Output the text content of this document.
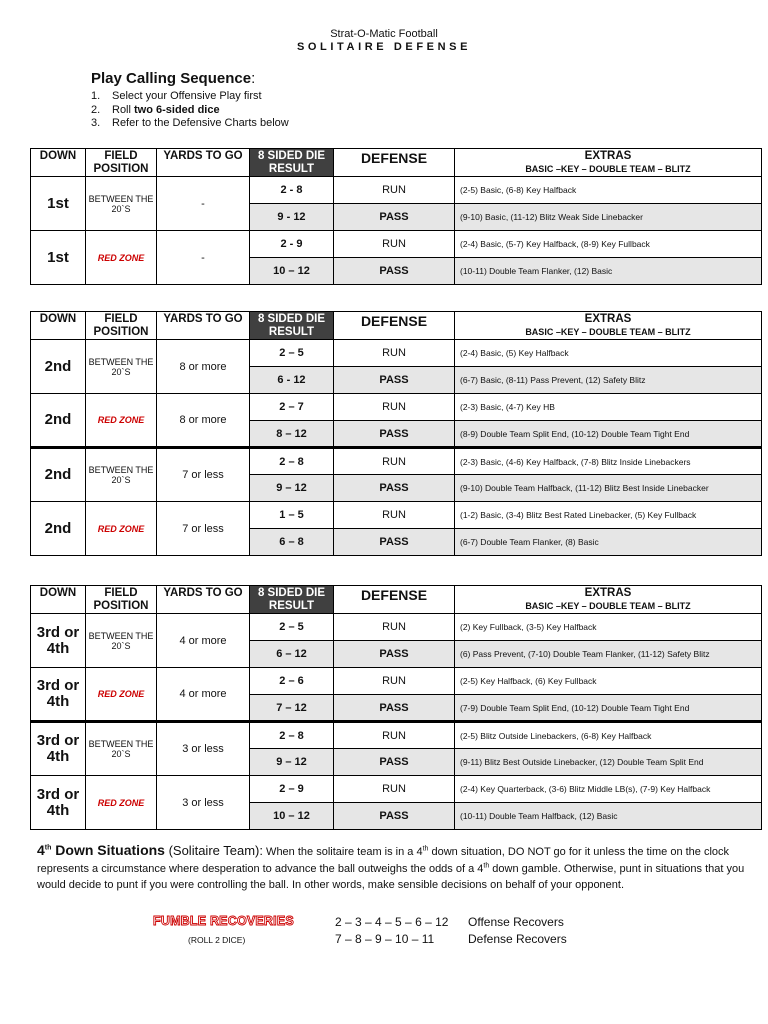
Strat-O-Matic Football
SOLITAIRE DEFENSE
Play Calling Sequence:
1.	Select your Offensive Play first
2.	Roll two 6-sided dice
3.	Refer to the Defensive Charts below
DOWN	FIELD POSITION	YARDS TO GO	8 SIDED DIE RESULT	DEFENSE	EXTRAS
BASIC –KEY – DOUBLE TEAM – BLITZ

1st	BETWEEN THE 20`S	-	2 - 8	RUN	(2-5) Basic, (6-8) Key Halfback
			9 - 12	PASS	(9-10) Basic, (11-12) Blitz Weak Side Linebacker
1st	RED ZONE	-	2 - 9	RUN	(2-4) Basic, (5-7) Key Halfback, (8-9) Key Fullback
			10 – 12	PASS	(10-11) Double Team Flanker, (12) Basic
DOWN	FIELD POSITION	YARDS TO GO	8 SIDED DIE RESULT	DEFENSE	EXTRAS
BASIC –KEY – DOUBLE TEAM – BLITZ

2nd	BETWEEN THE 20`S	8 or more	2 – 5	RUN	(2-4) Basic, (5) Key Halfback
			6 - 12	PASS	(6-7) Basic, (8-11) Pass Prevent, (12) Safety Blitz
2nd	RED ZONE	8 or more	2 – 7	RUN	(2-3) Basic, (4-7) Key HB
			8 – 12	PASS	(8-9) Double Team Split End, (10-12) Double Team Tight End
2nd	BETWEEN THE 20`S	7 or less	2 – 8	RUN	(2-3) Basic, (4-6) Key Halfback, (7-8) Blitz Inside Linebackers
			9 – 12	PASS	(9-10) Double Team Halfback, (11-12) Blitz Best Inside Linebacker
2nd	RED ZONE	7 or less	1 – 5	RUN	(1-2) Basic, (3-4) Blitz Best Rated Linebacker, (5) Key Fullback
			6 – 8	PASS	(6-7) Double Team Flanker, (8) Basic
DOWN	FIELD POSITION	YARDS TO GO	8 SIDED DIE RESULT	DEFENSE	EXTRAS
BASIC –KEY – DOUBLE TEAM – BLITZ

3rd or 4th	BETWEEN THE 20`S	4 or more	2 – 5	RUN	(2) Key Fullback, (3-5) Key Halfback
			6 – 12	PASS	(6) Pass Prevent, (7-10) Double Team Flanker, (11-12) Safety Blitz
3rd or 4th	RED ZONE	4 or more	2 – 6	RUN	(2-5) Key Halfback, (6) Key Fullback
			7 – 12	PASS	(7-9) Double Team Split End, (10-12) Double Team Tight End
3rd or 4th	BETWEEN THE 20`S	3 or less	2 – 8	RUN	(2-5) Blitz Outside Linebackers, (6-8) Key Halfback
			9 – 12	PASS	(9-11) Blitz Best Outside Linebacker, (12) Double Team Split End
3rd or 4th	RED ZONE	3 or less	2 – 9	RUN	(2-4) Key Quarterback, (3-6) Blitz Middle LB(s), (7-9) Key Halfback
			10 – 12	PASS	(10-11) Double Team Halfback, (12) Basic
4th Down Situations (Solitaire Team): When the solitaire team is in a 4th down situation, DO NOT go for it unless the time on the clock represents a circumstance where desperation to advance the ball outweighs the odds of a 4th down gamble. Otherwise, punt in situations that you would decide to punt if you were controlling the ball. In other words, make sensible decisions on behalf of your opponent.
FUMBLE RECOVERIES
(ROLL 2 DICE)
2 – 3 – 4 – 5 – 6 – 12 Offense Recovers
7 – 8 – 9 – 10 – 11	Defense Recovers
